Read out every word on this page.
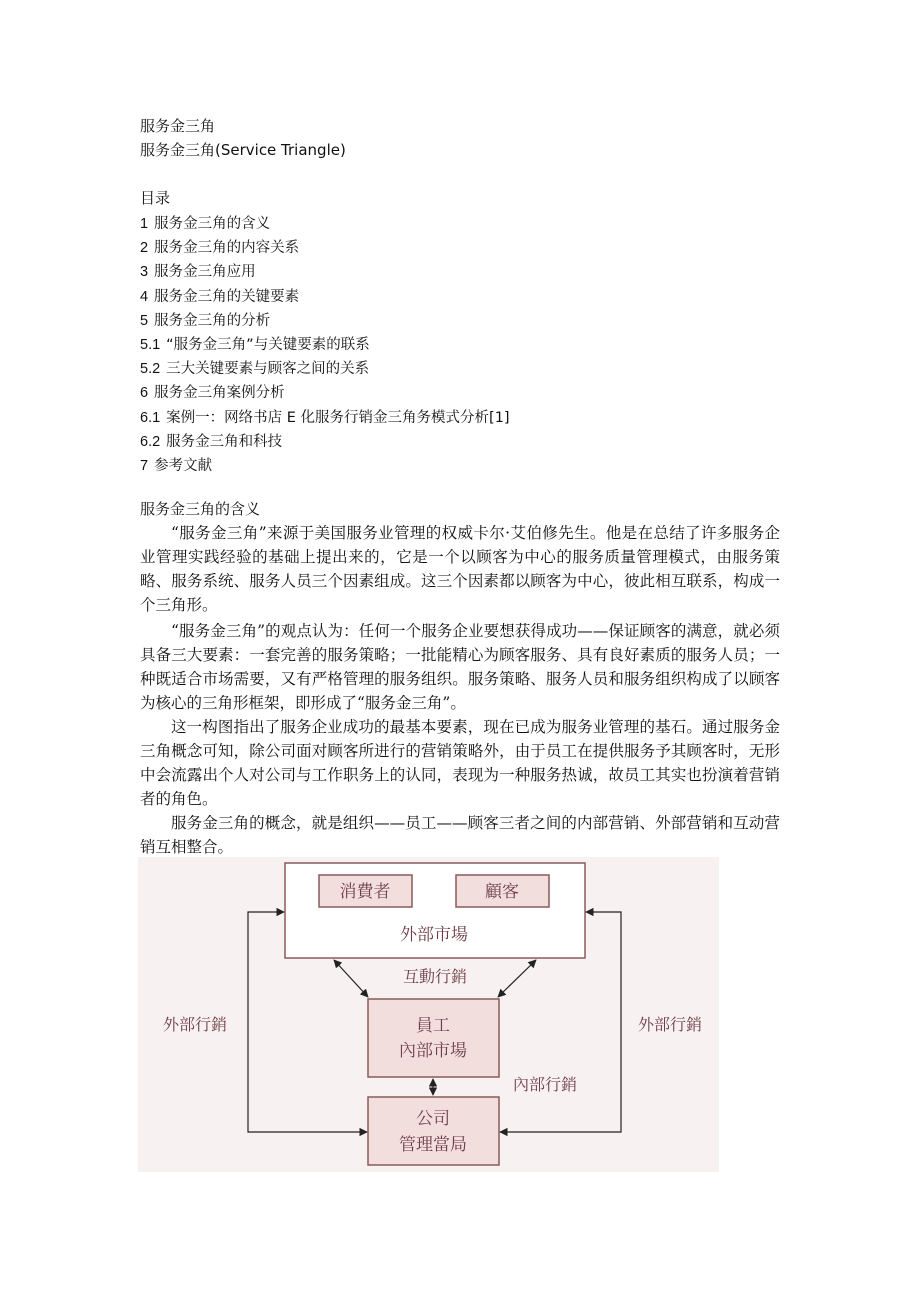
服务金三角
服务金三角(Service Triangle)
目录
1 服务金三角的含义
2 服务金三角的内容关系
3 服务金三角应用
4 服务金三角的关键要素
5 服务金三角的分析
5.1 “服务金三角”与关键要素的联系
5.2 三大关键要素与顾客之间的关系
6 服务金三角案例分析
6.1 案例一：网络书店 E 化服务行销金三角务模式分析[1]
6.2 服务金三角和科技
7 参考文献
服务金三角的含义

“服务金三角”来源于美国服务业管理的权威卡尔·艾伯修先生。他是在总结了许多服务企业管理实践经验的基础上提出来的，它是一个以顾客为中心的服务质量管理模式，由服务策略、服务系统、服务人员三个因素组成。这三个因素都以顾客为中心，彼此相互联系，构成一个三角形。

“服务金三角”的观点认为：任何一个服务企业要想获得成功——保证顾客的满意，就必须具备三大要素：一套完善的服务策略；一批能精心为顾客服务、具有良好素质的服务人员；一种既适合市场需要，又有严格管理的服务组织。服务策略、服务人员和服务组织构成了以顾客为核心的三角形框架，即形成了“服务金三角”。

这一构图指出了服务企业成功的最基本要素，现在已成为服务业管理的基石。通过服务金三角概念可知，除公司面对顾客所进行的营销策略外，由于员工在提供服务予其顾客时，无形中会流露出个人对公司与工作职务上的认同，表现为一种服务热诚，故员工其实也扮演着营销者的角色。

服务金三角的概念，就是组织——员工——顾客三者之间的内部营销、外部营销和互动营销互相整合。

消費者	顧客
外部市場
互動行銷
員工
內部市場
內部行銷
公司
管理當局
外部行銷	外部行銷
